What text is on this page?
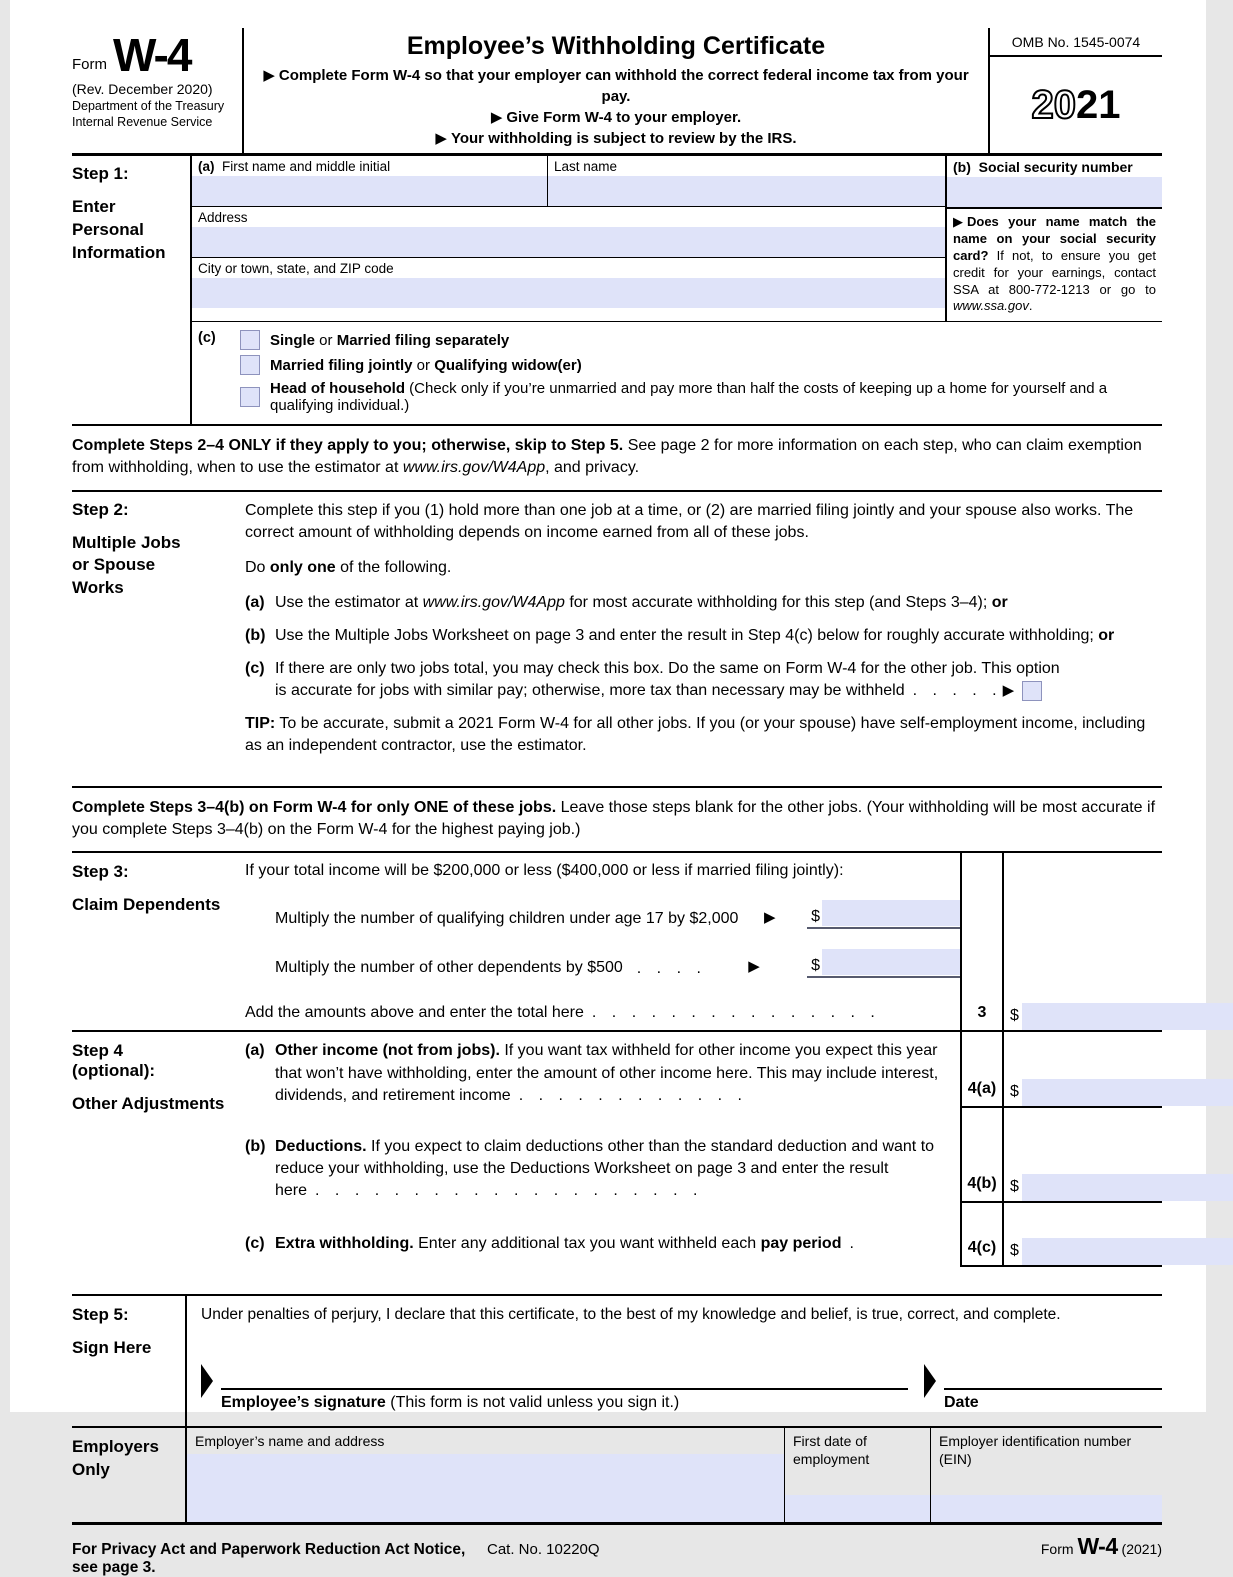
Form W-4
(Rev. December 2020)
Department of the Treasury
Internal Revenue Service
Employee’s Withholding Certificate
▶ Complete Form W-4 so that your employer can withhold the correct federal income tax from your pay.
▶ Give Form W-4 to your employer.
▶ Your withholding is subject to review by the IRS.
OMB No. 1545-0074
20 21
Step 1:
Enter Personal Information
(a) First name and middle initial	Last name
Address
City or town, state, and ZIP code
(b) Social security number
▶ Does your name match the name on your social security card? If not, to ensure you get credit for your earnings, contact SSA at 800-772-1213 or go to www.ssa.gov.
(c)	Single or Married filing separately
Married filing jointly or Qualifying widow(er)
Head of household (Check only if you’re unmarried and pay more than half the costs of keeping up a home for yourself and a qualifying individual.)
Complete Steps 2–4 ONLY if they apply to you; otherwise, skip to Step 5. See page 2 for more information on each step, who can claim exemption from withholding, when to use the estimator at www.irs.gov/W4App, and privacy.
Step 2:
Multiple Jobs or Spouse Works

Complete this step if you (1) hold more than one job at a time, or (2) are married filing jointly and your spouse also works. The correct amount of withholding depends on income earned from all of these jobs.

Do only one of the following.

(a) Use the estimator at www.irs.gov/W4App for most accurate withholding for this step (and Steps 3–4); or
(b) Use the Multiple Jobs Worksheet on page 3 and enter the result in Step 4(c) below for roughly accurate withholding; or
(c) If there are only two jobs total, you may check this box. Do the same on Form W-4 for the other job. This option
is accurate for jobs with similar pay; otherwise, more tax than necessary may be withheld . . . . . ▶

TIP: To be accurate, submit a 2021 Form W-4 for all other jobs. If you (or your spouse) have self-employment income, including as an independent contractor, use the estimator.

Complete Steps 3–4(b) on Form W-4 for only ONE of these jobs. Leave those steps blank for the other jobs. (Your withholding will be most accurate if you complete Steps 3–4(b) on the Form W-4 for the highest paying job.)
Step 3:
Claim Dependents
If your total income will be $200,000 or less ($400,000 or less if married filing jointly):
Multiply the number of qualifying children under age 17 by $2,000 ▶ $
Multiply the number of other dependents by $500 . . . .	▶	$
Add the amounts above and enter the total here . . . . . . . . . . . . . . .	3	$
Step 4
(optional):
Other Adjustments
(a) Other income (not from jobs). If you want tax withheld for other income you expect this year that won’t have withholding, enter the amount of other income here. This may include interest, dividends, and retirement income . . . . . . . . . . . .	4(a) $
(b) Deductions. If you expect to claim deductions other than the standard deduction and want to reduce your withholding, use the Deductions Worksheet on page 3 and enter the result here . . . . . . . . . . . . . . . . . . . .	4(b) $
(c) Extra withholding. Enter any additional tax you want withheld each pay period .	4(c) $
Step 5:
Sign Here

Under penalties of perjury, I declare that this certificate, to the best of my knowledge and belief, is true, correct, and complete.

Employee’s signature (This form is not valid unless you sign it.)	Date
Employers Only
Employer’s name and address	First date of employment
Employer identification number (EIN)
For Privacy Act and Paperwork Reduction Act Notice, see page 3.
Cat. No. 10220Q	Form W-4 (2021)
